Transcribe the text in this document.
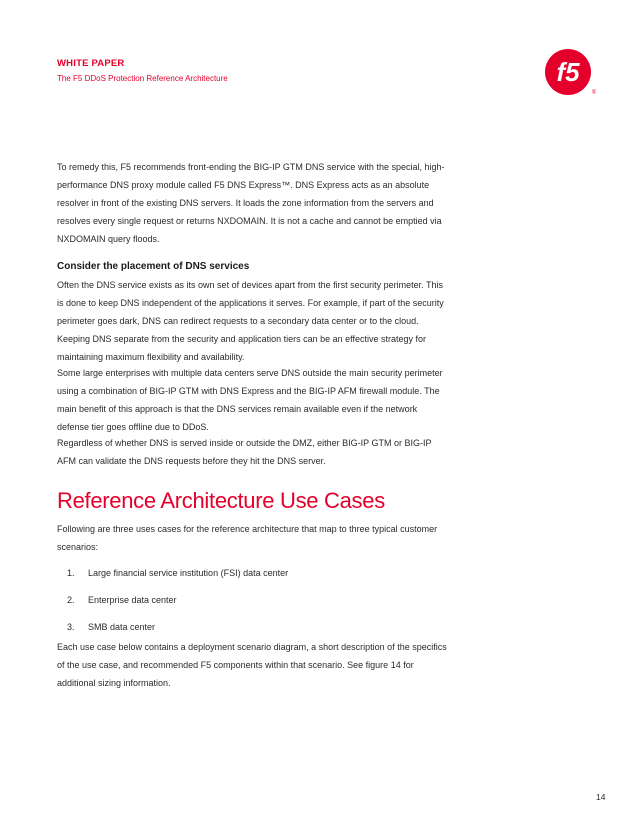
WHITE PAPER
The F5 DDoS Protection Reference Architecture	f5
®

To remedy this, F5 recommends front-ending the BIG-IP GTM DNS service with the special, high-performance DNS proxy module called F5 DNS Express™. DNS Express acts as an absolute resolver in front of the existing DNS servers. It loads the zone information from the servers and resolves every single request or returns NXDOMAIN. It is not a cache and cannot be emptied via NXDOMAIN query floods.

Consider the placement of DNS services

Often the DNS service exists as its own set of devices apart from the first security perimeter. This is done to keep DNS independent of the applications it serves. For example, if part of the security perimeter goes dark, DNS can redirect requests to a secondary data center or to the cloud. Keeping DNS separate from the security and application tiers can be an effective strategy for maintaining maximum flexibility and availability.

Some large enterprises with multiple data centers serve DNS outside the main security perimeter using a combination of BIG-IP GTM with DNS Express and the BIG-IP AFM firewall module. The main benefit of this approach is that the DNS services remain available even if the network defense tier goes offline due to DDoS.

Regardless of whether DNS is served inside or outside the DMZ, either BIG-IP GTM or BIG-IP AFM can validate the DNS requests before they hit the DNS server.

Reference Architecture Use Cases

Following are three uses cases for the reference architecture that map to three typical customer scenarios:

1.	Large financial service institution (FSI) data center
2.	Enterprise data center
3.	SMB data center

Each use case below contains a deployment scenario diagram, a short description of the specifics of the use case, and recommended F5 components within that scenario. See figure 14 for additional sizing information.

14
